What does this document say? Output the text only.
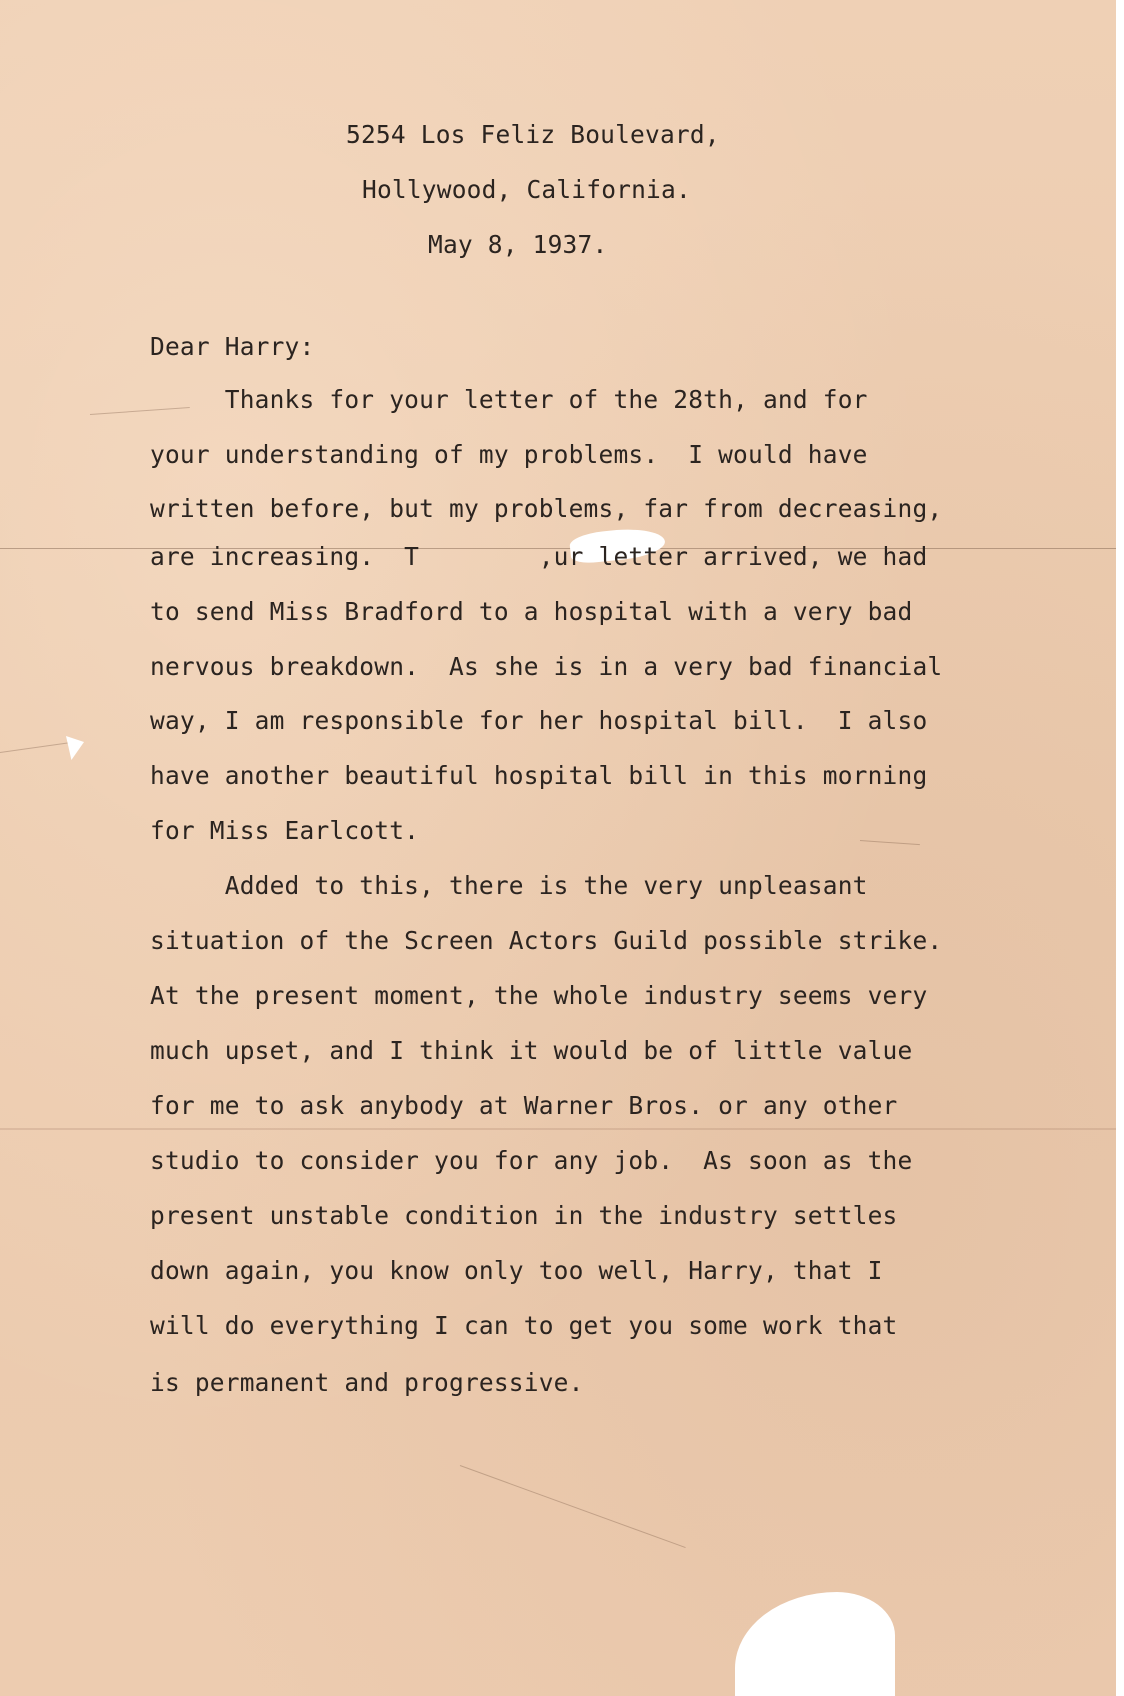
5254 Los Feliz Boulevard,

Hollywood, California.

May 8, 1937.

Dear Harry:

Thanks for your letter of the 28th, and for

your understanding of my problems.  I would have

written before, but my problems, far from decreasing,

are increasing.  T        ,ur letter arrived, we had

to send Miss Bradford to a hospital with a very bad

nervous breakdown.  As she is in a very bad financial

way, I am responsible for her hospital bill.  I also

have another beautiful hospital bill in this morning

for Miss Earlcott.

Added to this, there is the very unpleasant

situation of the Screen Actors Guild possible strike.

At the present moment, the whole industry seems very

much upset, and I think it would be of little value

for me to ask anybody at Warner Bros. or any other

studio to consider you for any job.  As soon as the

present unstable condition in the industry settles

down again, you know only too well, Harry, that I

will do everything I can to get you some work that

is permanent and progressive.
